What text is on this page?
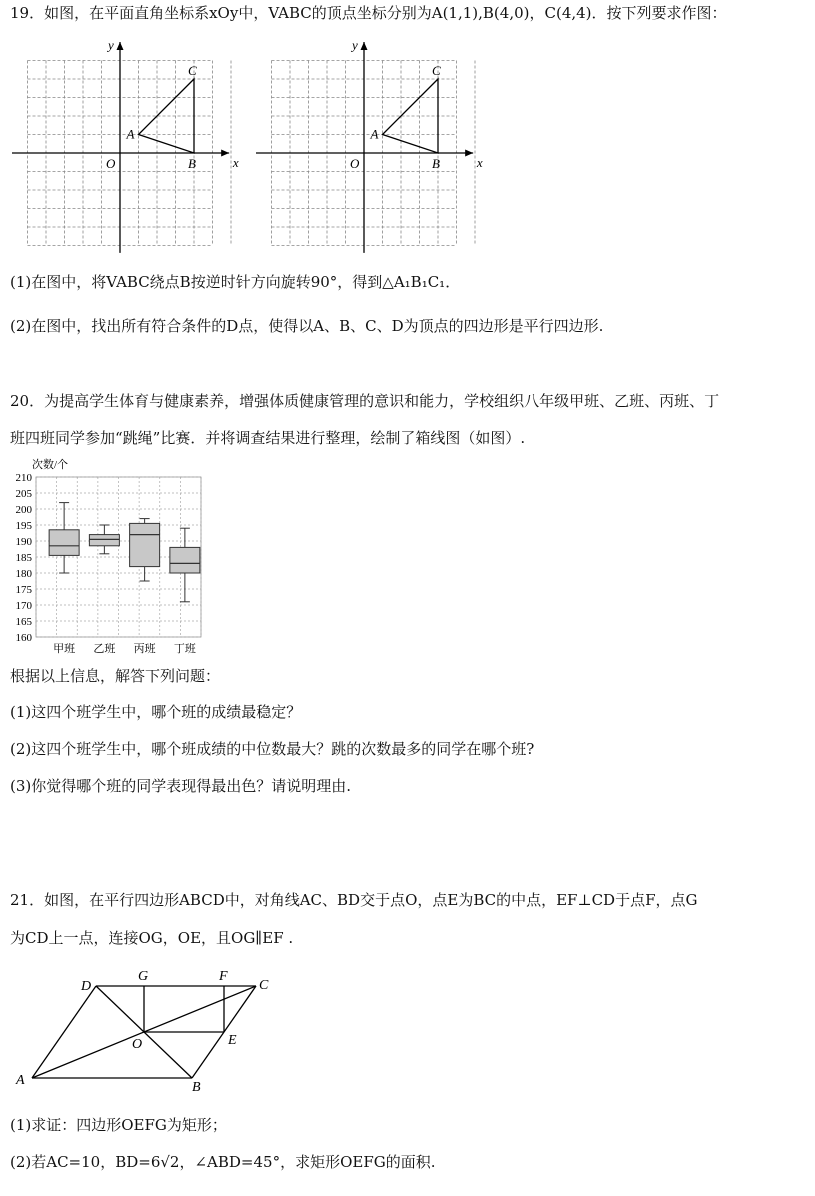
19．如图，在平面直角坐标系xOy中，VABC的顶点坐标分别为A(1,1),B(4,0)，C(4,4)．按下列要求作图：
y
x
O
A
B
C
y
x
O
A
B
C
(1)在图中，将VABC绕点B按逆时针方向旋转90°，得到△A₁B₁C₁．
(2)在图中，找出所有符合条件的D点，使得以A、B、C、D为顶点的四边形是平行四边形.
20．为提高学生体育与健康素养，增强体质健康管理的意识和能力，学校组织八年级甲班、乙班、丙班、丁
班四班同学参加“跳绳”比赛．并将调查结果进行整理，绘制了箱线图（如图）.
次数/个
210
205
200
195
190
185
180
175
170
165
160
甲班 乙班 丙班 丁班
根据以上信息，解答下列问题：
(1)这四个班学生中，哪个班的成绩最稳定？
(2)这四个班学生中，哪个班成绩的中位数最大？跳的次数最多的同学在哪个班?
(3)你觉得哪个班的同学表现得最出色？请说明理由.
21．如图，在平行四边形ABCD中，对角线AC、BD交于点O，点E为BC的中点，EF⊥CD于点F，点G
为CD上一点，连接OG，OE，且OG∥EF .
A	B
C
D
E
F
G
O
(1)求证：四边形OEFG为矩形；
(2)若AC=10，BD=6√2，∠ABD=45°，求矩形OEFG的面积.
